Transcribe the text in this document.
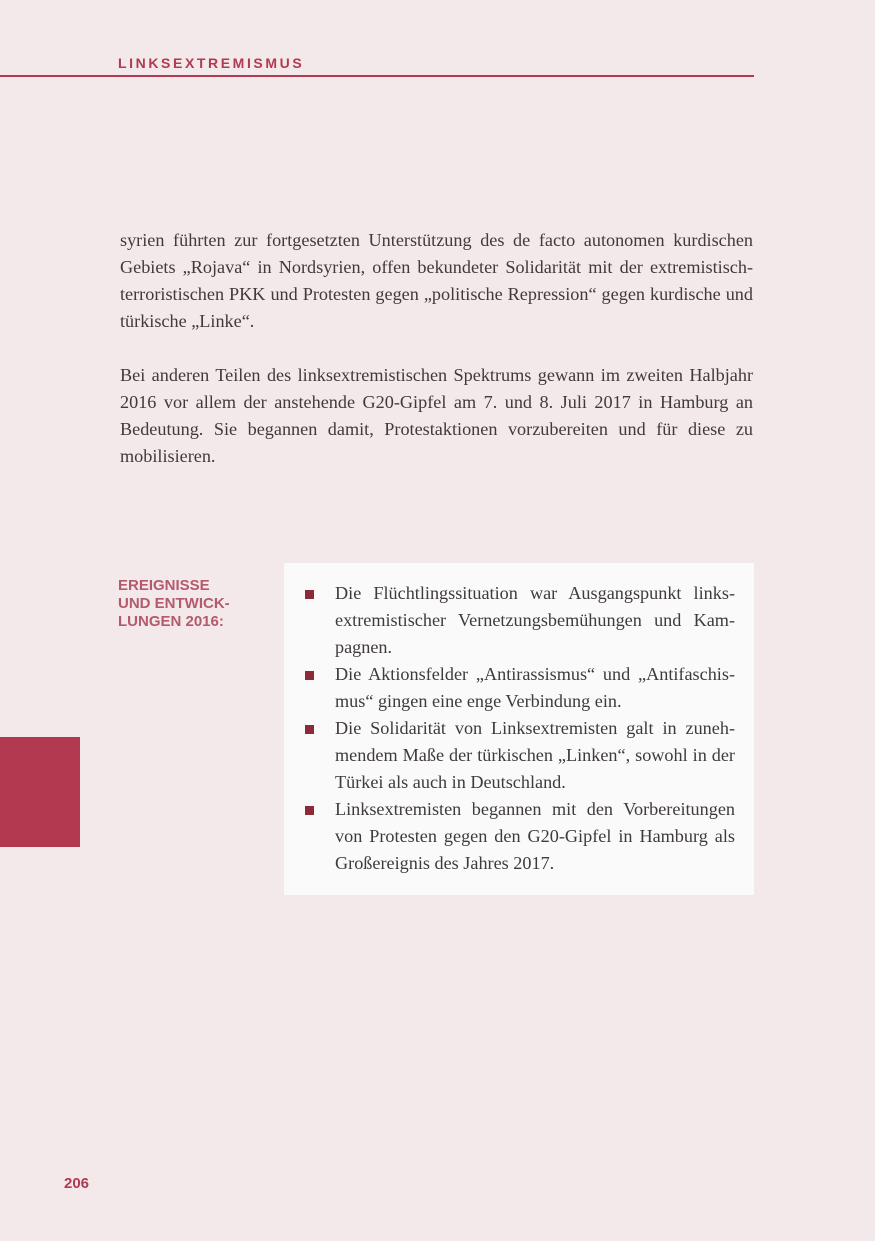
LINKSEXTREMISMUS

syrien führten zur fortgesetzten Unterstützung des de facto autonomen kurdischen Gebiets „Rojava“ in Nordsyrien, offen bekundeter Solidarität mit der extremistisch-terroristischen PKK und Protesten gegen „politische Repression“ gegen kurdische und türkische „Linke“.

Bei anderen Teilen des linksextremistischen Spektrums gewann im zweiten Halbjahr 2016 vor allem der anstehende G20-Gipfel am 7. und 8. Juli 2017 in Hamburg an Bedeutung. Sie begannen damit, Protestaktionen vorzubereiten und für diese zu mobilisieren.

EREIGNISSE
UND ENTWICK-
LUNGEN 2016:
Die Flüchtlingssituation war Ausgangspunkt linksextremistischer Vernetzungsbemühungen und Kampagnen.
Die Aktionsfelder „Antirassismus“ und „Antifaschismus“ gingen eine enge Verbindung ein.
Die Solidarität von Linksextremisten galt in zunehmendem Maße der türkischen „Linken“, sowohl in der Türkei als auch in Deutschland.
Linksextremisten begannen mit den Vorbereitungen von Protesten gegen den G20-Gipfel in Hamburg als Großereignis des Jahres 2017.
206
